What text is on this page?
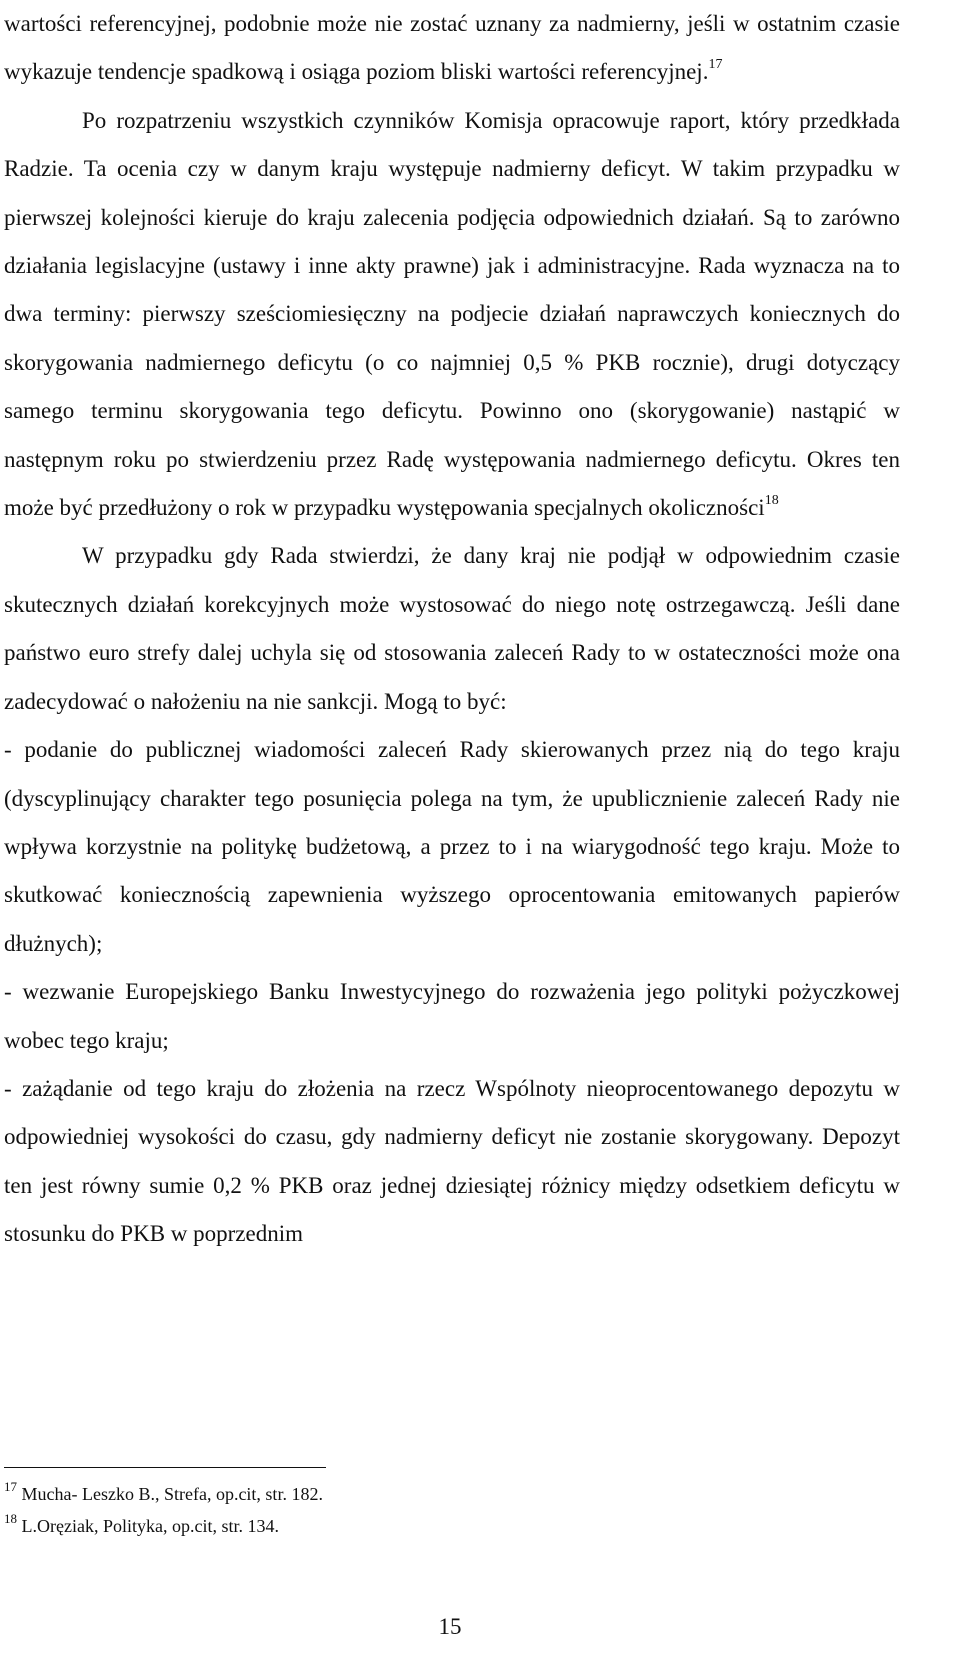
wartości referencyjnej, podobnie może nie zostać uznany za nadmierny, jeśli w ostatnim czasie wykazuje tendencje spadkową i osiąga poziom bliski wartości referencyjnej.$^{17}$

Po rozpatrzeniu wszystkich czynników Komisja opracowuje raport, który przedkłada Radzie. Ta ocenia czy w danym kraju występuje nadmierny deficyt. W takim przypadku w pierwszej kolejności kieruje do kraju zalecenia podjęcia odpowiednich działań. Są to zarówno działania legislacyjne (ustawy i inne akty prawne) jak i administracyjne. Rada wyznacza na to dwa terminy: pierwszy sześciomiesięczny na podjecie działań naprawczych koniecznych do skorygowania nadmiernego deficytu (o co najmniej 0,5 % PKB rocznie), drugi dotyczący samego terminu skorygowania tego deficytu. Powinno ono (skorygowanie) nastąpić w następnym roku po stwierdzeniu przez Radę występowania nadmiernego deficytu. Okres ten może być przedłużony o rok w przypadku występowania specjalnych okoliczności$^{18}$

W przypadku gdy Rada stwierdzi, że dany kraj nie podjął w odpowiednim czasie skutecznych działań korekcyjnych może wystosować do niego notę ostrzegawczą. Jeśli dane państwo euro strefy dalej uchyla się od stosowania zaleceń Rady to w ostateczności może ona zadecydować o nałożeniu na nie sankcji. Mogą to być:

- podanie do publicznej wiadomości zaleceń Rady skierowanych przez nią do tego kraju (dyscyplinujący charakter tego posunięcia polega na tym, że upublicznienie zaleceń Rady nie wpływa korzystnie na politykę budżetową, a przez to i na wiarygodność tego kraju. Może to skutkować koniecznością zapewnienia wyższego oprocentowania emitowanych papierów dłużnych);

- wezwanie Europejskiego Banku Inwestycyjnego do rozważenia jego polityki pożyczkowej wobec tego kraju;

- zażądanie od tego kraju do złożenia na rzecz Wspólnoty nieoprocentowanego depozytu w odpowiedniej wysokości do czasu, gdy nadmierny deficyt nie zostanie skorygowany. Depozyt ten jest równy sumie 0,2 % PKB oraz jednej dziesiątej różnicy między odsetkiem deficytu w stosunku do PKB w poprzednim

$^{17}$ Mucha- Leszko B., Strefa, op.cit, str. 182.

$^{18}$ L.Oręziak, Polityka, op.cit, str. 134.

15
